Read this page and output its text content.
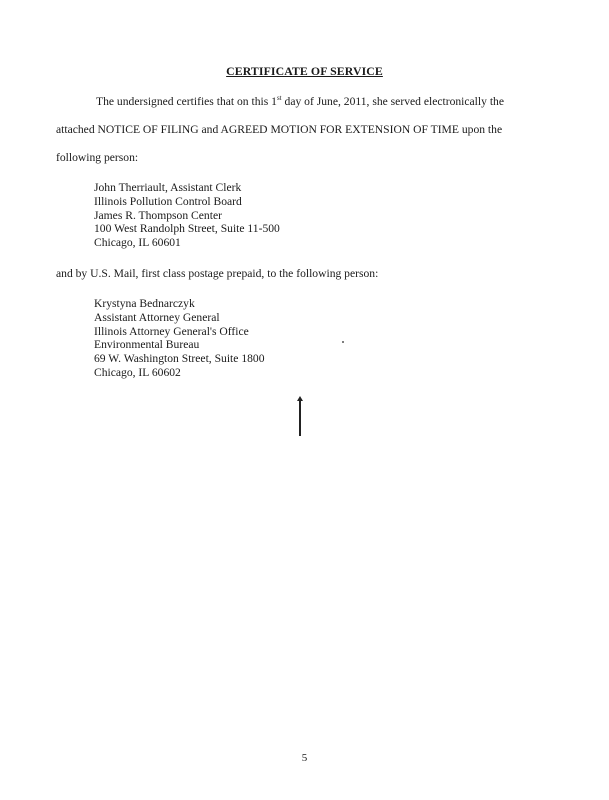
CERTIFICATE OF SERVICE
The undersigned certifies that on this 1st day of June, 2011, she served electronically the
attached NOTICE OF FILING and AGREED MOTION FOR EXTENSION OF TIME upon the
following person:
John Therriault, Assistant Clerk
Illinois Pollution Control Board
James R. Thompson Center
100 West Randolph Street, Suite 11-500
Chicago, IL 60601
and by U.S. Mail, first class postage prepaid, to the following person:
Krystyna Bednarczyk
Assistant Attorney General
Illinois Attorney General's Office
Environmental Bureau
69 W. Washington Street, Suite 1800
Chicago, IL 60602
5
